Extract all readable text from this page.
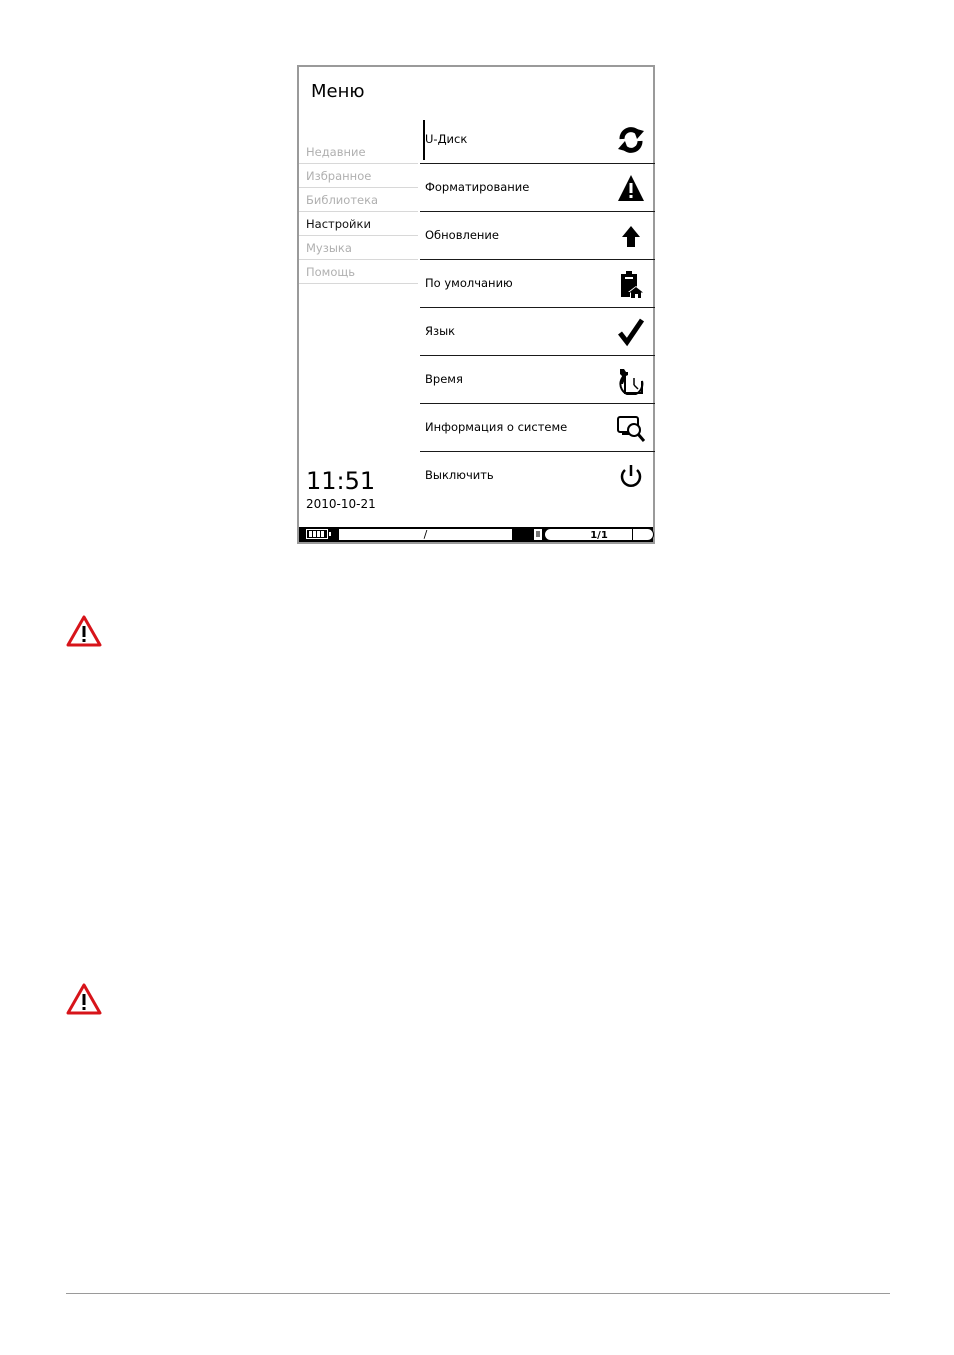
Меню
Недавние
Избранное
Библиотека
Настройки
Музыка
Помощь
11:51
2010-10-21
U-Диск
Форматирование
Обновление
По умолчанию
Язык
Время
Информация о системе
Выключить
/	1/1
